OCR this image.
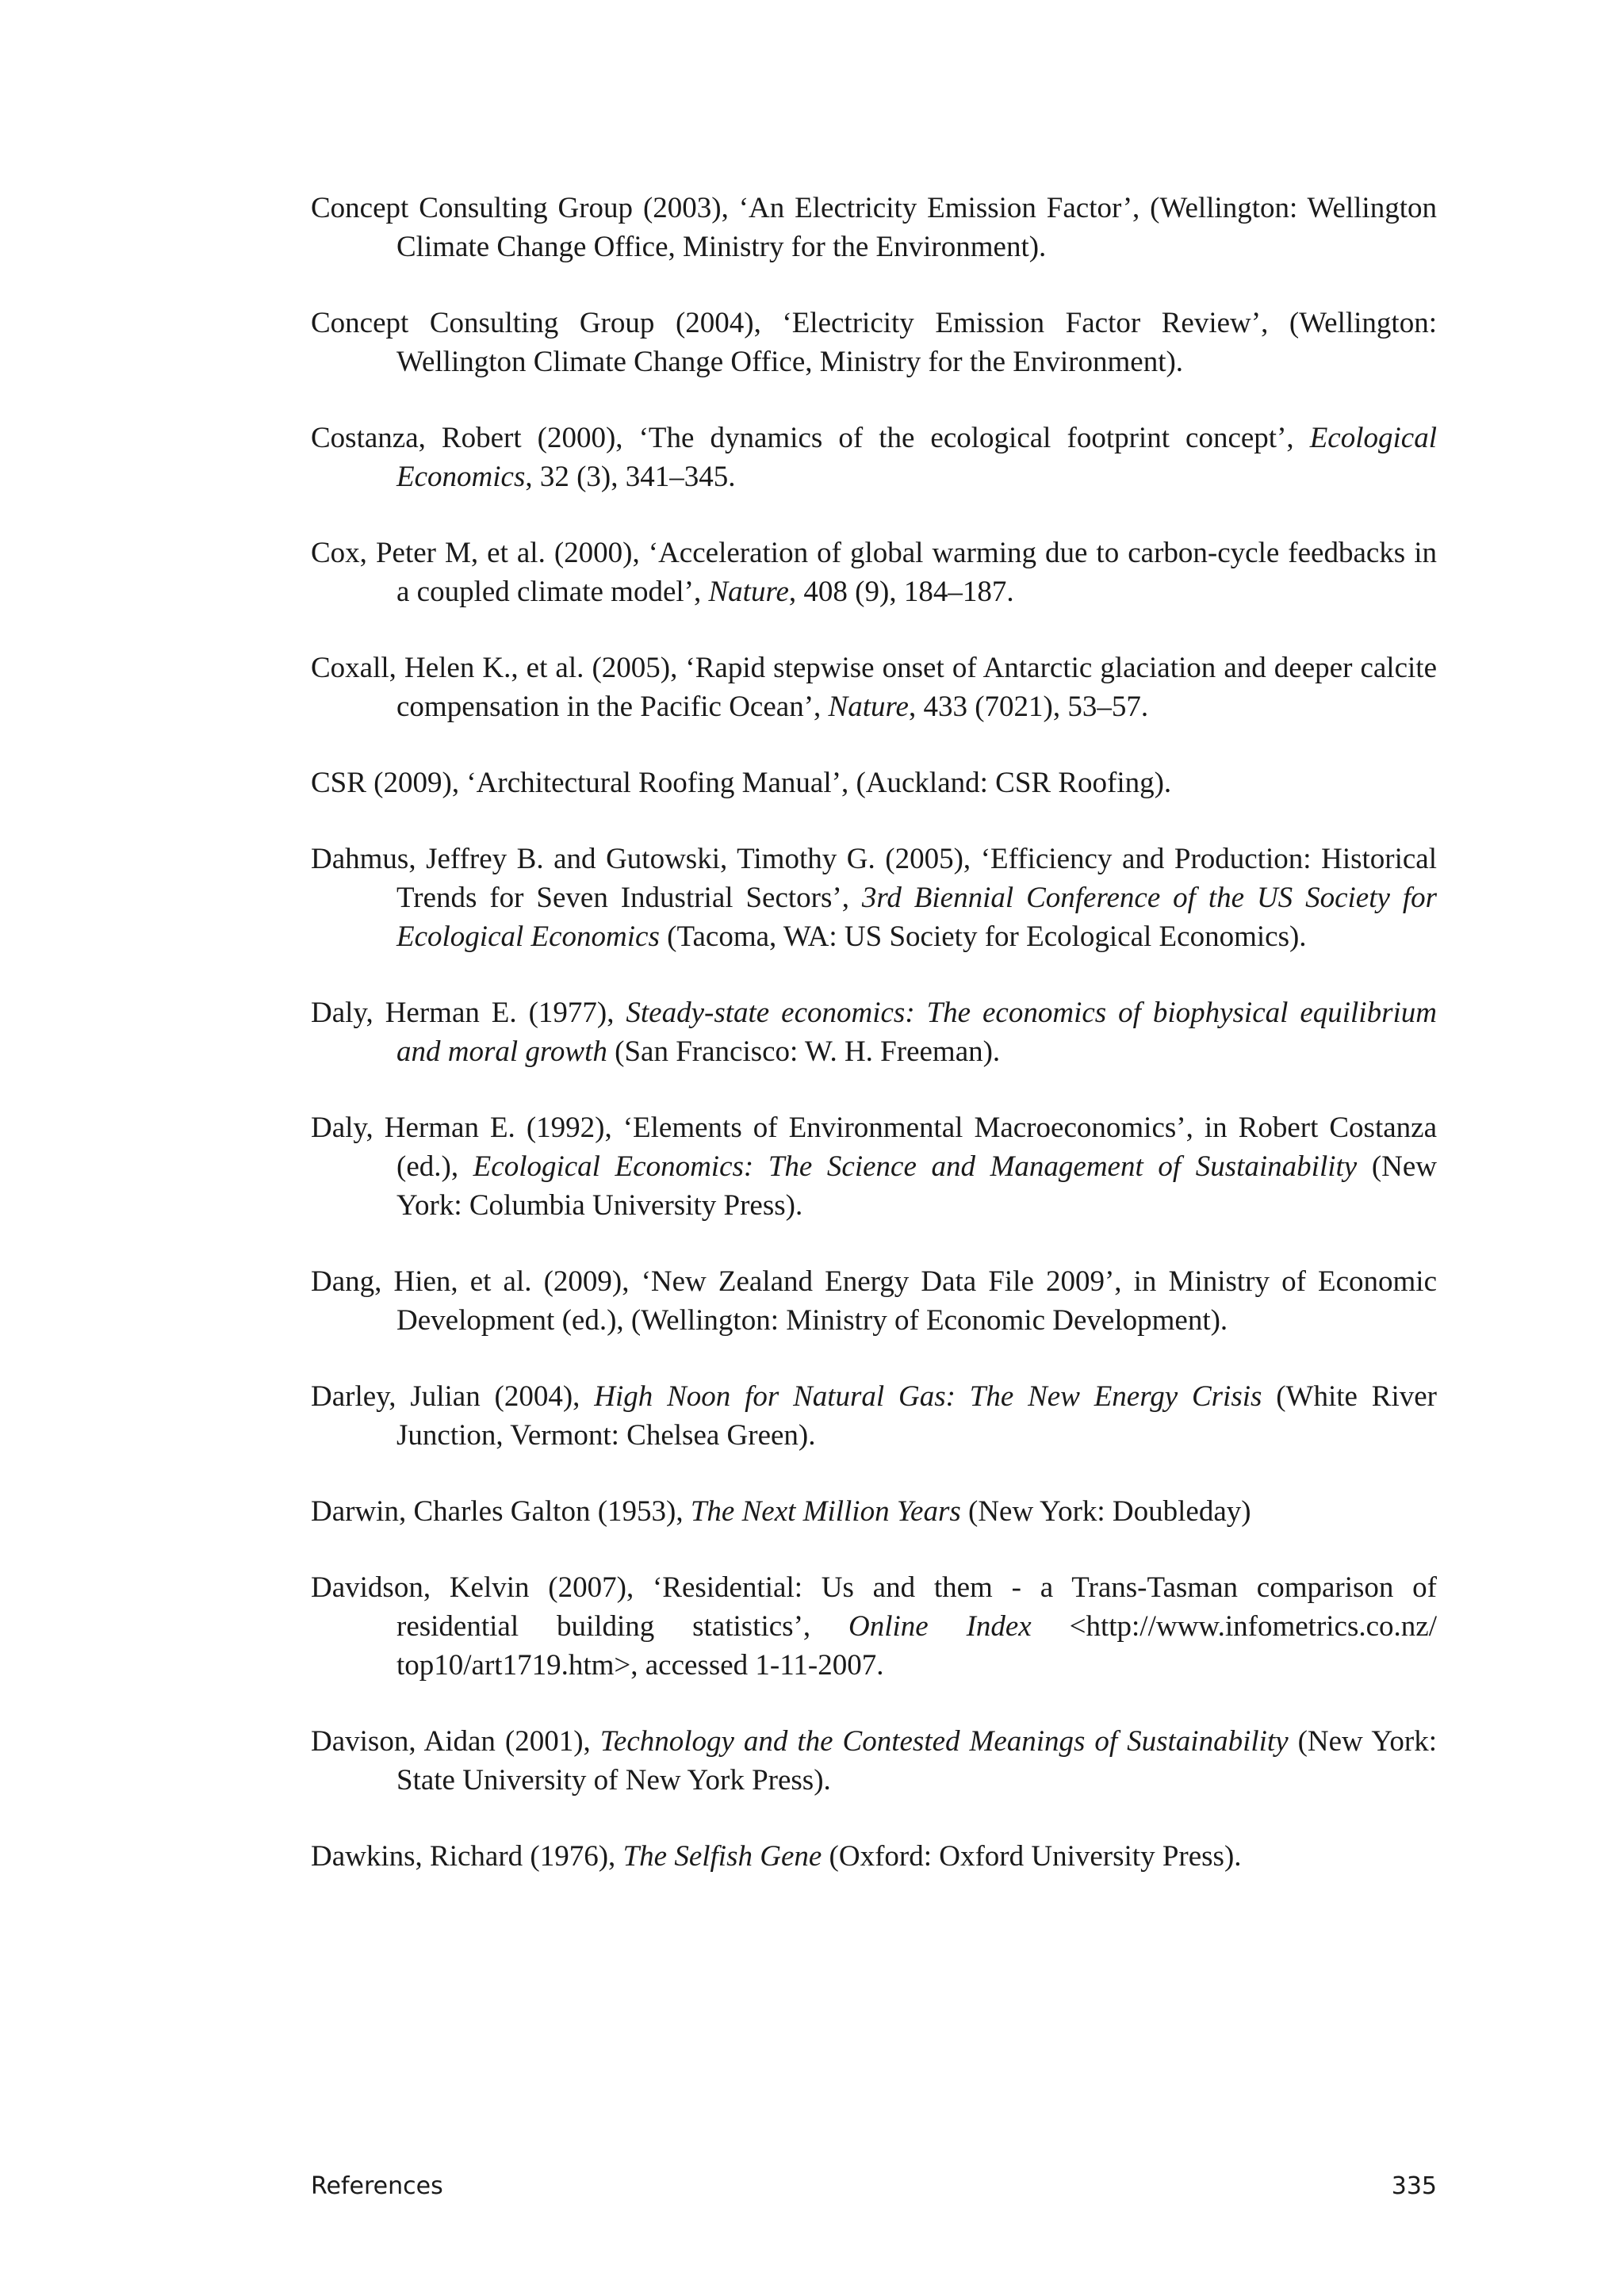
Concept Consulting Group (2003), ‘An Electricity Emission Factor’, (Wellington: Wellington Climate Change Office, Ministry for the Environment).

Concept Consulting Group (2004), ‘Electricity Emission Factor Review’, (Wellington: Wellington Climate Change Office, Ministry for the Environment).

Costanza, Robert (2000), ‘The dynamics of the ecological footprint concept’, Ecological Economics, 32 (3), 341–345.

Cox, Peter M, et al. (2000), ‘Acceleration of global warming due to carbon-cycle feedbacks in a coupled climate model’, Nature, 408 (9), 184–187.

Coxall, Helen K., et al. (2005), ‘Rapid stepwise onset of Antarctic glaciation and deeper calcite compensation in the Pacific Ocean’, Nature, 433 (7021), 53–57.

CSR (2009), ‘Architectural Roofing Manual’, (Auckland: CSR Roofing).

Dahmus, Jeffrey B. and Gutowski, Timothy G. (2005), ‘Efficiency and Production: Historical Trends for Seven Industrial Sectors’, 3rd Biennial Conference of the US Society for Ecological Economics (Tacoma, WA: US Society for Ecological Economics).

Daly, Herman E. (1977), Steady-state economics: The economics of biophysical equilibrium and moral growth (San Francisco: W. H. Freeman).

Daly, Herman E. (1992), ‘Elements of Environmental Macroeconomics’, in Robert Costanza (ed.), Ecological Economics: The Science and Management of Sustainability (New York: Columbia University Press).

Dang, Hien, et al. (2009), ‘New Zealand Energy Data File 2009’, in Ministry of Economic Development (ed.), (Wellington: Ministry of Economic Development).

Darley, Julian (2004), High Noon for Natural Gas: The New Energy Crisis (White River Junction, Vermont: Chelsea Green).

Darwin, Charles Galton (1953), The Next Million Years (New York: Doubleday)

Davidson, Kelvin (2007), ‘Residential: Us and them - a Trans-Tasman comparison of residential building statistics’, Online Index <http://www.infometrics.co.nz/ top10/art1719.htm>, accessed 1-11-2007.

Davison, Aidan (2001), Technology and the Contested Meanings of Sustainability (New York: State University of New York Press).

Dawkins, Richard (1976), The Selfish Gene (Oxford: Oxford University Press).

References	335
